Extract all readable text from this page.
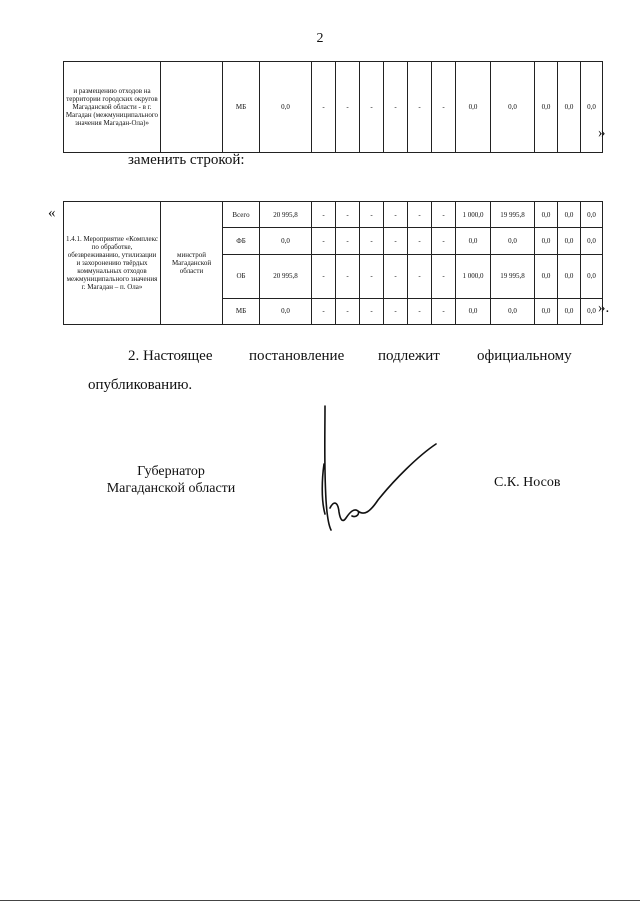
2
и размещению отходов на территории городских округов Магаданской области - в г. Магадан (межмуниципального значения Магадан-Ола)»		МБ	0,0	-	-	-	-	-	-	0,0	0,0	0,0	0,0	0,0
»
заменить строкой:
«
1.4.1. Мероприятие «Комплекс по обработке, обезвреживанию, утилизации и захоронению твёрдых коммунальных отходов межмуниципального значения г. Магадан – п. Ола»	минстрой Магаданской области	Всего	20 995,8	-	-	-	-	-	-	1 000,0	19 995,8	0,0	0,0	0,0
		ФБ	0,0	-	-	-	-	-	-	0,0	0,0	0,0	0,0	0,0
		ОБ	20 995,8	-	-	-	-	-	-	1 000,0	19 995,8	0,0	0,0	0,0
		МБ	0,0	-	-	-	-	-	-	0,0	0,0	0,0	0,0	0,0 ».
2. Настоящее постановление подлежит официальному
опубликованию.
Губернатор
Магаданской области	С.К. Носов
